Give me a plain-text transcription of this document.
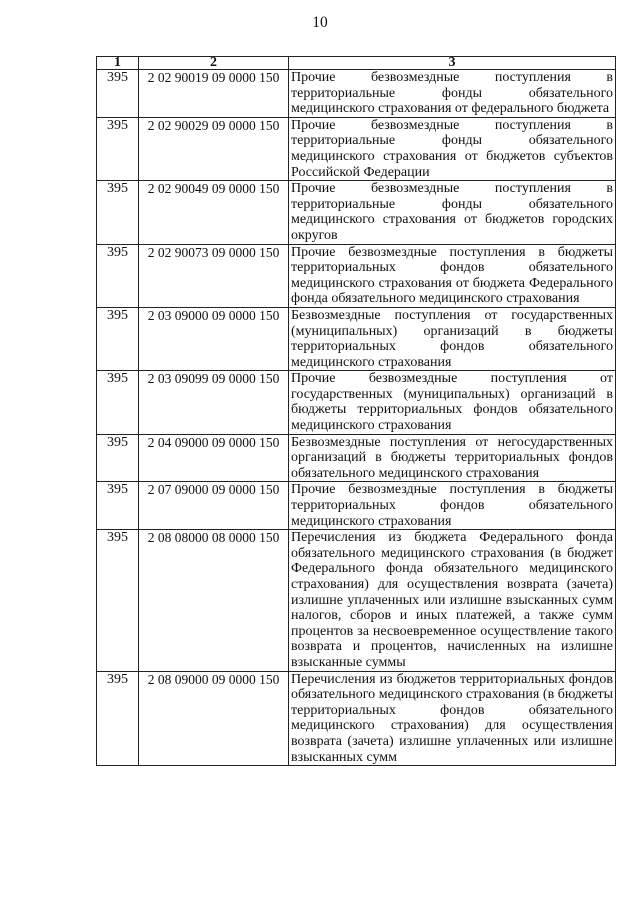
10
1	2	3
395	2 02 90019 09 0000 150	Прочие безвозмездные поступления в территориальные фонды обязательного медицинского страхования от федерального бюджета
395	2 02 90029 09 0000 150	Прочие безвозмездные поступления в территориальные фонды обязательного медицинского страхования от бюджетов субъектов Российской Федерации
395	2 02 90049 09 0000 150	Прочие безвозмездные поступления в территориальные фонды обязательного медицинского страхования от бюджетов городских округов
395	2 02 90073 09 0000 150	Прочие безвозмездные поступления в бюджеты территориальных фондов обязательного медицинского страхования от бюджета Федерального фонда обязательного медицинского страхования
395	2 03 09000 09 0000 150	Безвозмездные поступления от государственных (муниципальных) организаций в бюджеты территориальных фондов обязательного медицинского страхования
395	2 03 09099 09 0000 150	Прочие безвозмездные поступления от государственных (муниципальных) организаций в бюджеты территориальных фондов обязательного медицинского страхования
395	2 04 09000 09 0000 150	Безвозмездные поступления от негосударственных организаций в бюджеты территориальных фондов обязательного медицинского страхования
395	2 07 09000 09 0000 150	Прочие безвозмездные поступления в бюджеты территориальных фондов обязательного медицинского страхования
395	2 08 08000 08 0000 150	Перечисления из бюджета Федерального фонда обязательного медицинского страхования (в бюджет Федерального фонда обязательного медицинского страхования) для осуществления возврата (зачета) излишне уплаченных или излишне взысканных сумм налогов, сборов и иных платежей, а также сумм процентов за несвоевременное осуществление такого возврата и процентов, начисленных на излишне взысканные суммы
395	2 08 09000 09 0000 150	Перечисления из бюджетов территориальных фондов обязательного медицинского страхования (в бюджеты территориальных фондов обязательного медицинского страхования) для осуществления возврата (зачета) излишне уплаченных или излишне взысканных сумм
